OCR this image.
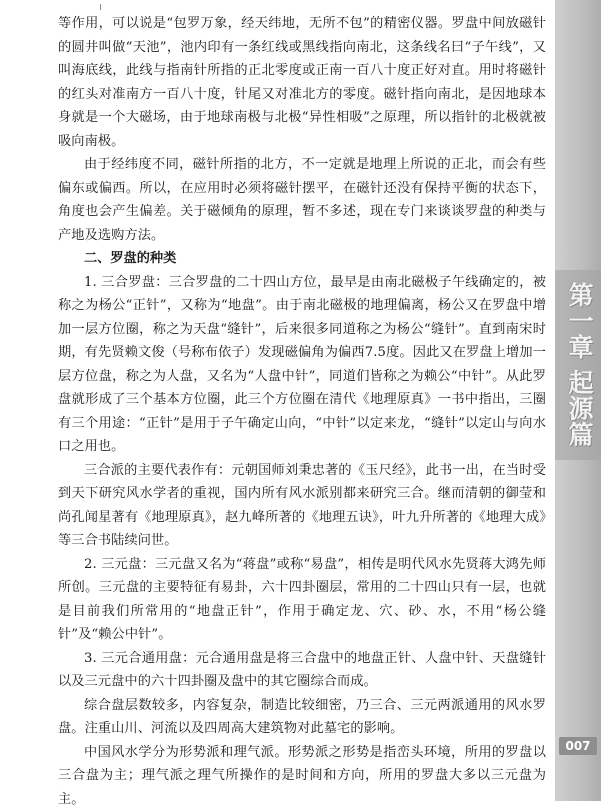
等作用，可以说是“包罗万象，经天纬地，无所不包”的精密仪器。罗盘中间放磁针的圆井叫做“天池”，池内印有一条红线或黑线指向南北，这条线名曰“子午线”，又叫海底线，此线与指南针所指的正北零度或正南一百八十度正好对直。用时将磁针的红头对准南方一百八十度，针尾又对准北方的零度。磁针指向南北，是因地球本身就是一个大磁场，由于地球南极与北极“异性相吸”之原理，所以指针的北极就被吸向南极。

由于经纬度不同，磁针所指的北方，不一定就是地理上所说的正北，而会有些偏东或偏西。所以，在应用时必须将磁针摆平，在磁针还没有保持平衡的状态下，角度也会产生偏差。关于磁倾角的原理，暂不多述，现在专门来谈谈罗盘的种类与产地及选购方法。

二、罗盘的种类

1. 三合罗盘：三合罗盘的二十四山方位，最早是由南北磁极子午线确定的，被称之为杨公“正针”，又称为“地盘”。由于南北磁极的地理偏离，杨公又在罗盘中增加一层方位圈，称之为天盘“缝针”，后来很多同道称之为杨公“缝针”。直到南宋时期，有先贤赖文俊（号称布依子）发现磁偏角为偏西7.5度。因此又在罗盘上增加一层方位盘，称之为人盘，又名为“人盘中针”，同道们皆称之为赖公“中针”。从此罗盘就形成了三个基本方位圈，此三个方位圈在清代《地理原真》一书中指出，三圈有三个用途：“正针”是用于子午确定山向，“中针”以定来龙，“缝针”以定山与向水口之用也。

三合派的主要代表作有：元朝国师刘秉忠著的《玉尺经》，此书一出，在当时受到天下研究风水学者的重视，国内所有风水派别都来研究三合。继而清朝的御莹和尚孔闻星著有《地理原真》，赵九峰所著的《地理五诀》，叶九升所著的《地理大成》等三合书陆续问世。

2. 三元盘：三元盘又名为“蒋盘”或称“易盘”，相传是明代风水先贤蒋大鸿先师所创。三元盘的主要特征有易卦，六十四卦圈层，常用的二十四山只有一层，也就是目前我们所常用的“地盘正针”，作用于确定龙、穴、砂、水，不用“杨公缝针”及“赖公中针”。

3. 三元合通用盘：元合通用盘是将三合盘中的地盘正针、人盘中针、天盘缝针以及三元盘中的六十四卦圈及盘中的其它圈综合而成。

综合盘层数较多，内容复杂，制造比较细密，乃三合、三元两派通用的风水罗盘。注重山川、河流以及四周高大建筑物对此墓宅的影响。

中国风水学分为形势派和理气派。形势派之形势是指峦头环境，所用的罗盘以三合盘为主；理气派之理气所操作的是时间和方向，所用的罗盘大多以三元盘为主。

第一章 起源篇
007
